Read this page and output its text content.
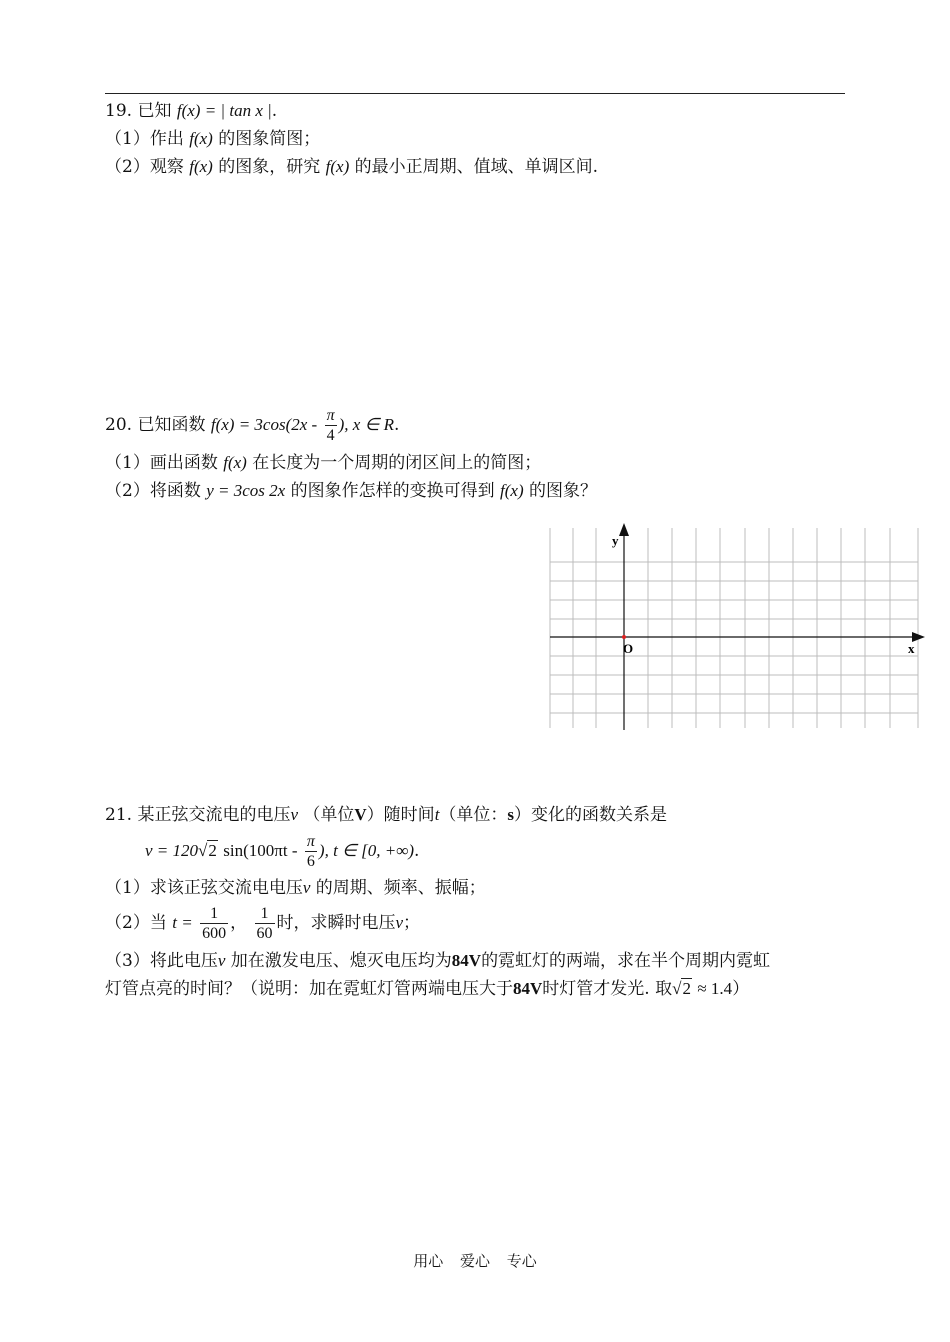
19. 已知 f(x) = | tan x |.
（1）作出 f(x) 的图象简图；
（2）观察 f(x) 的图象，研究 f(x) 的最小正周期、值域、单调区间.
20. 已知函数 $f(x) = 3\cos(2x - \frac{\pi}{4}$ ), x ∈ R.
（1）画出函数 f(x) 在长度为一个周期的闭区间上的简图；
（2）将函数 y = 3cos 2x 的图象作怎样的变换可得到 f(x) 的图象？
y
x
O
21. 某正弦交流电的电压v （单位V）随时间t（单位：s）变化的函数关系是
v = 120√2 $\sin(100\pi t - \frac{\pi}{6}$ ), t ∈ [0, +∞).
（1）求该正弦交流电电压v 的周期、频率、振幅；
（2）当 $t = \frac{1}{600}$ ， $\frac{1}{60}$ 时，求瞬时电压v；
（3）将此电压v 加在激发电压、熄灭电压均为84V的霓虹灯的两端，求在半个周期内霓虹
灯管点亮的时间？（说明：加在霓虹灯管两端电压大于84V时灯管才发光. 取√2 ≈ 1.4）
用心 爱心 专心
